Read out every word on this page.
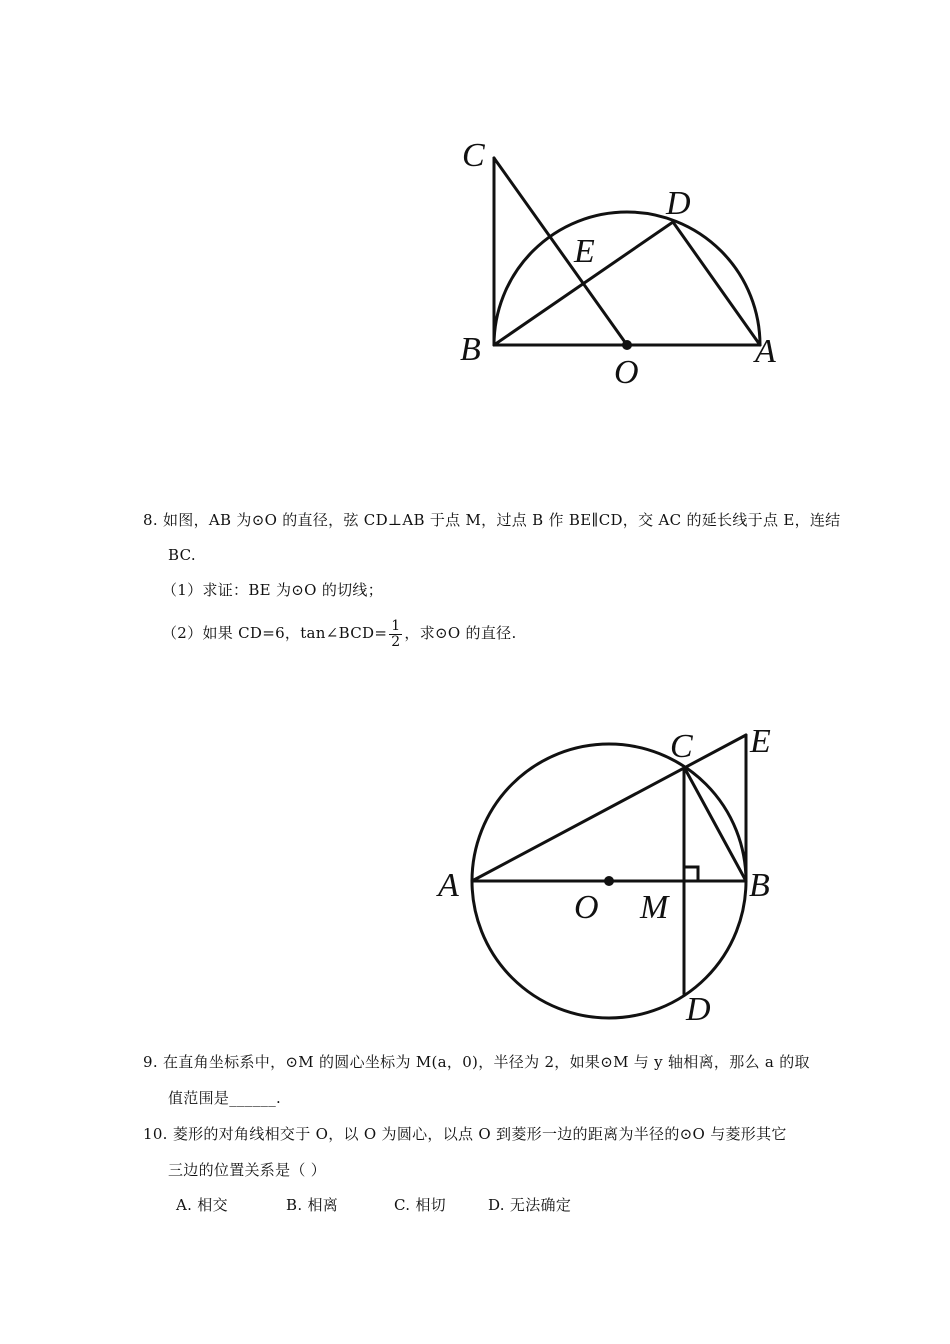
C
D
E
B
O
A
8. 如图，AB 为⊙O 的直径，弦 CD⊥AB 于点 M，过点 B 作 BE∥CD，交 AC 的延长线于点 E，连结
BC.
（1）求证：BE 为⊙O 的切线；
（2）如果 CD=6，tan∠BCD= $\frac{1}{2}$ ，求⊙O 的直径.
C E
A
O M
B
D
9. 在直角坐标系中，⊙M 的圆心坐标为 M(a，0)，半径为 2，如果⊙M 与 y 轴相离，那么 a 的取
值范围是______.
10. 菱形的对角线相交于 O，以 O 为圆心，以点 O 到菱形一边的距离为半径的⊙O 与菱形其它
三边的位置关系是（ ）
A. 相交	B. 相离	C. 相切	D. 无法确定
